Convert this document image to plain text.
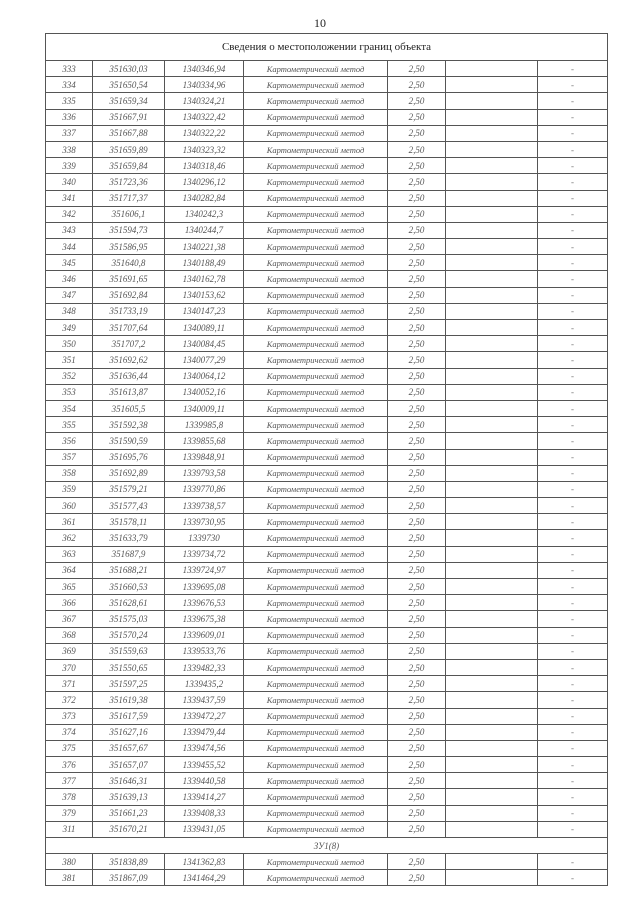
10
Сведения о местоположении границ объекта						
333	351630,03	1340346,94	Картометрический метод	2,50		-
334	351650,54	1340334,96	Картометрический метод	2,50		-
335	351659,34	1340324,21	Картометрический метод	2,50		-
336	351667,91	1340322,42	Картометрический метод	2,50		-
337	351667,88	1340322,22	Картометрический метод	2,50		-
338	351659,89	1340323,32	Картометрический метод	2,50		-
339	351659,84	1340318,46	Картометрический метод	2,50		-
340	351723,36	1340296,12	Картометрический метод	2,50		-
341	351717,37	1340282,84	Картометрический метод	2,50		-
342	351606,1	1340242,3	Картометрический метод	2,50		-
343	351594,73	1340244,7	Картометрический метод	2,50		-
344	351586,95	1340221,38	Картометрический метод	2,50		-
345	351640,8	1340188,49	Картометрический метод	2,50		-
346	351691,65	1340162,78	Картометрический метод	2,50		-
347	351692,84	1340153,62	Картометрический метод	2,50		-
348	351733,19	1340147,23	Картометрический метод	2,50		-
349	351707,64	1340089,11	Картометрический метод	2,50		-
350	351707,2	1340084,45	Картометрический метод	2,50		-
351	351692,62	1340077,29	Картометрический метод	2,50		-
352	351636,44	1340064,12	Картометрический метод	2,50		-
353	351613,87	1340052,16	Картометрический метод	2,50		-
354	351605,5	1340009,11	Картометрический метод	2,50		-
355	351592,38	1339985,8	Картометрический метод	2,50		-
356	351590,59	1339855,68	Картометрический метод	2,50		-
357	351695,76	1339848,91	Картометрический метод	2,50		-
358	351692,89	1339793,58	Картометрический метод	2,50		-
359	351579,21	1339770,86	Картометрический метод	2,50		-
360	351577,43	1339738,57	Картометрический метод	2,50		-
361	351578,11	1339730,95	Картометрический метод	2,50		-
362	351633,79	1339730	Картометрический метод	2,50		-
363	351687,9	1339734,72	Картометрический метод	2,50		-
364	351688,21	1339724,97	Картометрический метод	2,50		-
365	351660,53	1339695,08	Картометрический метод	2,50		-
366	351628,61	1339676,53	Картометрический метод	2,50		-
367	351575,03	1339675,38	Картометрический метод	2,50		-
368	351570,24	1339609,01	Картометрический метод	2,50		-
369	351559,63	1339533,76	Картометрический метод	2,50		-
370	351550,65	1339482,33	Картометрический метод	2,50		-
371	351597,25	1339435,2	Картометрический метод	2,50		-
372	351619,38	1339437,59	Картометрический метод	2,50		-
373	351617,59	1339472,27	Картометрический метод	2,50		-
374	351627,16	1339479,44	Картометрический метод	2,50		-
375	351657,67	1339474,56	Картометрический метод	2,50		-
376	351657,07	1339455,52	Картометрический метод	2,50		-
377	351646,31	1339440,58	Картометрический метод	2,50		-
378	351639,13	1339414,27	Картометрический метод	2,50		-
379	351661,23	1339408,33	Картометрический метод	2,50		-
311	351670,21	1339431,05	Картометрический метод	2,50		-
ЗУ1(8)						
380	351838,89	1341362,83	Картометрический метод	2,50		-
381	351867,09	1341464,29	Картометрический метод	2,50		-
